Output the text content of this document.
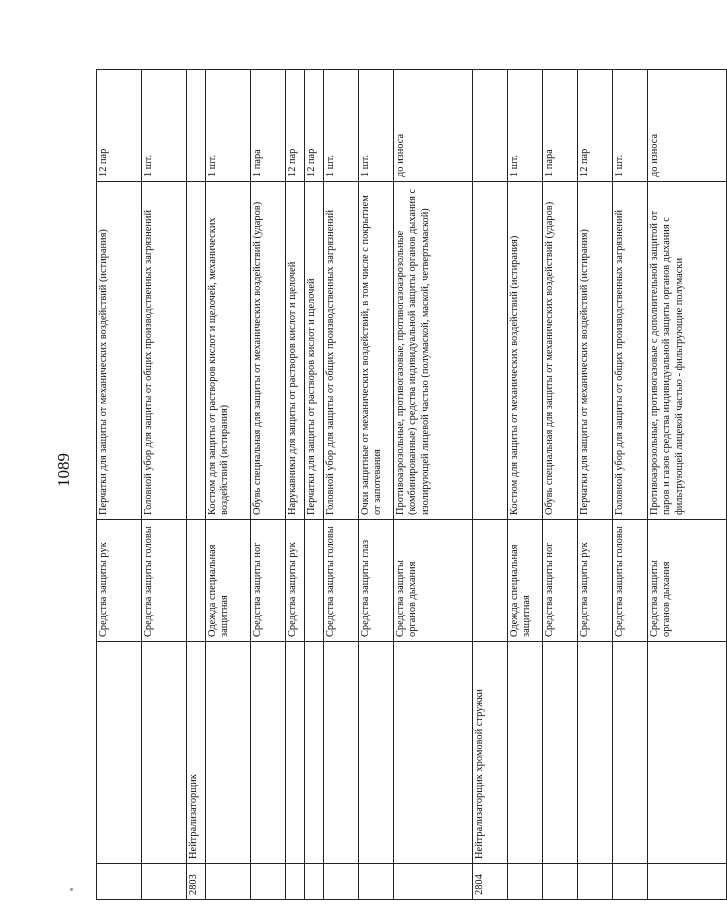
1089
		Средства защиты рук	Перчатки для защиты от механических воздействий (истирания)	12 пар
		Средства защиты головы	Головной убор для защиты от общих производственных загрязнений	1 шт.
2803	Нейтрализаторщик			
		Одежда специальная защитная	Костюм для защиты от растворов кислот и щелочей, механических воздействий (истирания)	1 шт.
		Средства защиты ног	Обувь специальная для защиты от механических воздействий (ударов)	1 пара
		Средства защиты рук	Нарукавники для защиты от растворов кислот и щелочей	12 пар
			Перчатки для защиты от растворов кислот и щелочей	12 пар
		Средства защиты головы	Головной убор для защиты от общих производственных загрязнений	1 шт.
		Средства защиты глаз	Очки защитные от механических воздействий, в том числе с покрытием от запотевания	1 шт.
		Средства защиты органов дыхания	Противоаэрозольные, противогазовые, противогазоаэрозольные (комбинированные) средства индивидуальной защиты органов дыхания с изолирующей лицевой частью (полумаской, маской, четвертьмаской)	до износа
2804	Нейтрализаторщик хромовой стружки			
		Одежда специальная защитная	Костюм для защиты от механических воздействий (истирания)	1 шт.
		Средства защиты ног	Обувь специальная для защиты от механических воздействий (ударов)	1 пара
		Средства защиты рук	Перчатки для защиты от механических воздействий (истирания)	12 пар
		Средства защиты головы	Головной убор для защиты от общих производственных загрязнений	1 шт.
		Средства защиты органов дыхания	Противоаэрозольные, противогазовые с дополнительной защитой от паров и газов средства индивидуальной защиты органов дыхания с фильтрующей лицевой частью - фильтрующие полумаски	до износа
